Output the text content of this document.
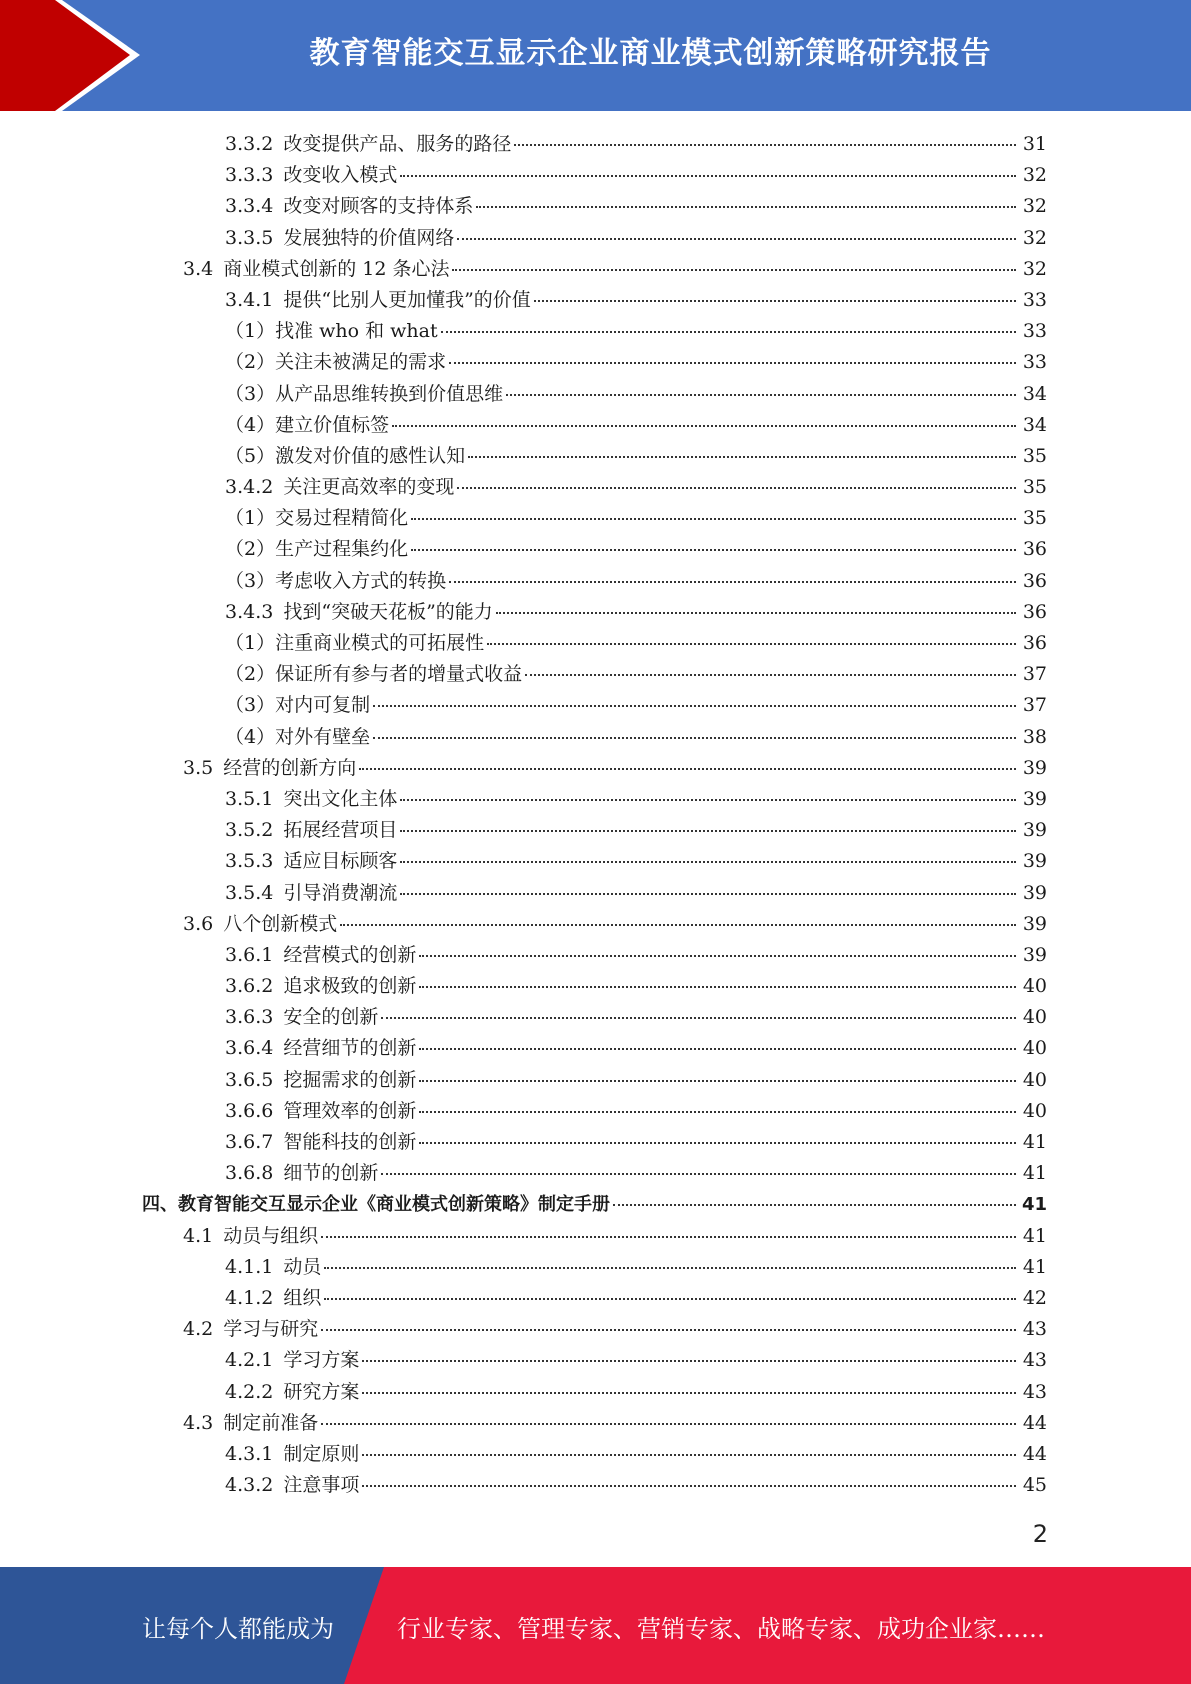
教育智能交互显示企业商业模式创新策略研究报告
3.3.2 改变提供产品、服务的路径	31
3.3.3 改变收入模式	32
3.3.4 改变对顾客的支持体系	32
3.3.5 发展独特的价值网络	32
3.4 商业模式创新的 12 条心法	32
3.4.1 提供“比别人更加懂我”的价值	33
（1）找准 who 和 what	33
（2）关注未被满足的需求	33
（3）从产品思维转换到价值思维	34
（4）建立价值标签	34
（5）激发对价值的感性认知	35
3.4.2 关注更高效率的变现	35
（1）交易过程精简化	35
（2）生产过程集约化	36
（3）考虑收入方式的转换	36
3.4.3 找到“突破天花板”的能力	36
（1）注重商业模式的可拓展性	36
（2）保证所有参与者的增量式收益	37
（3）对内可复制	37
（4）对外有壁垒	38
3.5 经营的创新方向	39
3.5.1 突出文化主体	39
3.5.2 拓展经营项目	39
3.5.3 适应目标顾客	39
3.5.4 引导消费潮流	39
3.6 八个创新模式	39
3.6.1 经营模式的创新	39
3.6.2 追求极致的创新	40
3.6.3 安全的创新	40
3.6.4 经营细节的创新	40
3.6.5 挖掘需求的创新	40
3.6.6 管理效率的创新	40
3.6.7 智能科技的创新	41
3.6.8 细节的创新	41
四、教育智能交互显示企业《商业模式创新策略》制定手册	41
4.1 动员与组织	41
4.1.1 动员	41
4.1.2 组织	42
4.2 学习与研究	43
4.2.1 学习方案	43
4.2.2 研究方案	43
4.3 制定前准备	44
4.3.1 制定原则	44
4.3.2 注意事项	45
2
让每个人都能成为	行业专家、管理专家、营销专家、战略专家、成功企业家……
